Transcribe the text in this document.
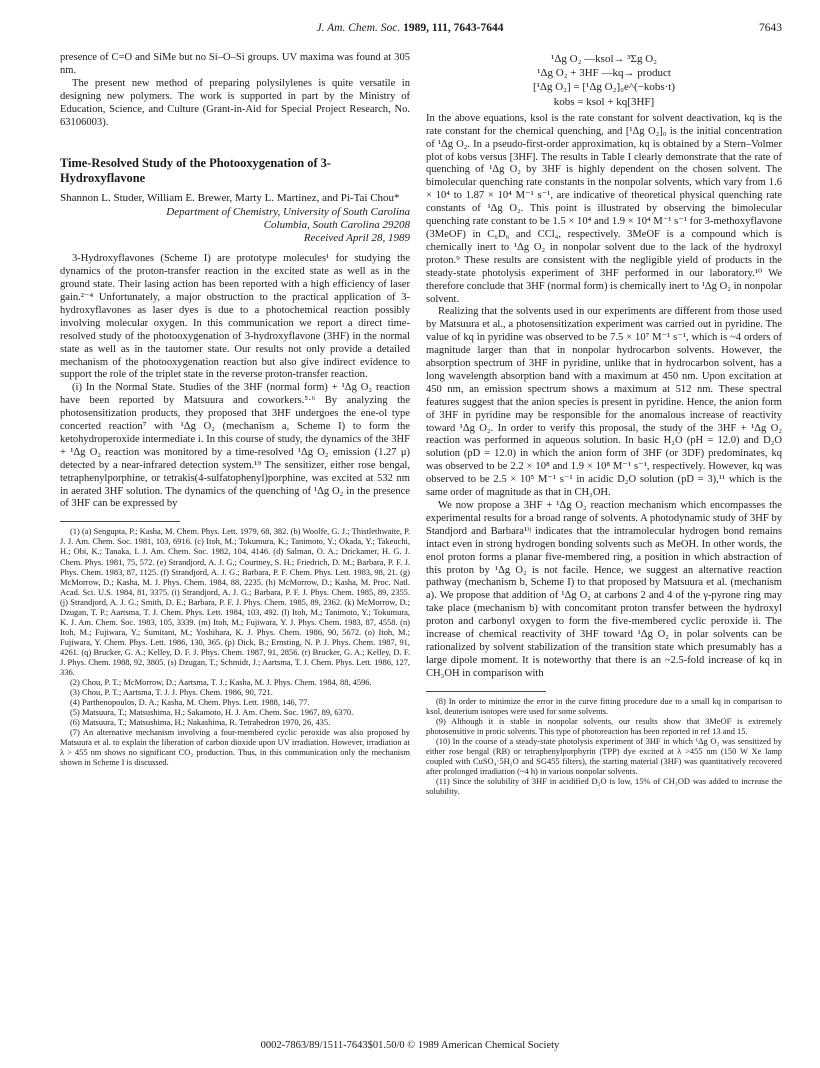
J. Am. Chem. Soc. 1989, 111, 7643-7644	7643

presence of C=O and SiMe but no Si–O–Si groups. UV maxima was found at 305 nm.

The present new method of preparing polysilylenes is quite versatile in designing new polymers. The work is supported in part by the Ministry of Education, Science, and Culture (Grant-in-Aid for Special Project Research, No. 63106003).

Time-Resolved Study of the Photooxygenation of 3-Hydroxyflavone

Shannon L. Studer, William E. Brewer, Marty L. Martinez, and Pi-Tai Chou*

Department of Chemistry, University of South Carolina
Columbia, South Carolina 29208
Received April 28, 1989

3-Hydroxyflavones (Scheme I) are prototype molecules¹ for studying the dynamics of the proton-transfer reaction in the excited state as well as in the ground state. Their lasing action has been reported with a high efficiency of laser gain.²⁻⁴ Unfortunately, a major obstruction to the practical application of 3-hydroxyflavones as laser dyes is due to a photochemical reaction possibly involving molecular oxygen. In this communication we report a direct time-resolved study of the photooxygenation of 3-hydroxyflavone (3HF) in the normal state as well as in the tautomer state. Our results not only provide a detailed mechanism of the photooxygenation reaction but also give indirect evidence to support the role of the triplet state in the reverse proton-transfer reaction.

(i) In the Normal State. Studies of the 3HF (normal form) + ¹Δg O₂ reaction have been reported by Matsuura and coworkers.⁵·⁶ By analyzing the photosensitization products, they proposed that 3HF undergoes the ene-ol type concerted reaction⁷ with ¹Δg O₂ (mechanism a, Scheme I) to form the ketohydroperoxide intermediate i. In this course of study, the dynamics of the 3HF + ¹Δg O₂ reaction was monitored by a time-resolved ¹Δg O₂ emission (1.27 μ) detected by a near-infrared detection system.¹⁹ The sensitizer, either rose bengal, tetraphenylporphine, or tetrakis(4-sulfatophenyl)porphine, was excited at 532 nm in aerated 3HF solution. The dynamics of the quenching of ¹Δg O₂ in the presence of 3HF can be expressed by

(1) (a) Sengupta, P.; Kasha, M. Chem. Phys. Lett. 1979, 68, 382. (b) Woolfe, G. J.; Thistlethwaite, P. J. J. Am. Chem. Soc. 1981, 103, 6916. (c) Itoh, M.; Tokumura, K.; Tanimoto, Y.; Okada, Y.; Takeuchi, H.; Obi, K.; Tanaka, I. J. Am. Chem. Soc. 1982, 104, 4146. (d) Salman, O. A.; Drickamer, H. G. J. Chem. Phys. 1981, 75, 572. (e) Strandjord, A. J. G.; Courtney, S. H.; Friedrich, D. M.; Barbara, P. F. J. Phys. Chem. 1983, 87, 1125. (f) Strandjord, A. J. G.; Barbara, P. F. Chem. Phys. Lett. 1983, 98, 21. (g) McMorrow, D.; Kasha, M. J. Phys. Chem. 1984, 88, 2235. (h) McMorrow, D.; Kasha, M. Proc. Natl. Acad. Sci. U.S. 1984, 81, 3375. (i) Strandjord, A. J. G.; Barbara, P. F. J. Phys. Chem. 1985, 89, 2355. (j) Strandjord, A. J. G.; Smith, D. E.; Barbara, P. F. J. Phys. Chem. 1985, 89, 2362. (k) McMorrow, D.; Dzugan, T. P.; Aartsma, T. J. Chem. Phys. Lett. 1984, 103, 492. (l) Itoh, M.; Tanimoto, Y.; Tokumura, K. J. Am. Chem. Soc. 1983, 105, 3339. (m) Itoh, M.; Fujiwara, Y. J. Phys. Chem. 1983, 87, 4558. (n) Itoh, M.; Fujiwara, Y.; Sumitani, M.; Yoshihara, K. J. Phys. Chem. 1986, 90, 5672. (o) Itoh, M.; Fujiwara, Y. Chem. Phys. Lett. 1986, 130, 365. (p) Dick, B.; Ernsting, N. P. J. Phys. Chem. 1987, 91, 4261. (q) Brucker, G. A.; Kelley, D. F. J. Phys. Chem. 1987, 91, 2856. (r) Brucker, G. A.; Kelley, D. F. J. Phys. Chem. 1988, 92, 3805. (s) Dzugan, T.; Schmidt, J.; Aartsma, T. J. Chem. Phys. Lett. 1986, 127, 336.

(2) Chou, P. T.; McMorrow, D.; Aartsma, T. J.; Kasha, M. J. Phys. Chem. 1984, 88, 4596.

(3) Chou, P. T.; Aartsma, T. J. J. Phys. Chem. 1986, 90, 721.

(4) Parthenopoulos, D. A.; Kasha, M. Chem. Phys. Lett. 1988, 146, 77.

(5) Matsuura, T.; Matsushima, H.; Sakamoto, H. J. Am. Chem. Soc. 1967, 89, 6370.

(6) Matsuura, T.; Matsushima, H.; Nakashima, R. Tetrahedron 1970, 26, 435.

(7) An alternative mechanism involving a four-membered cyclic peroxide was also proposed by Matsuura et al. to explain the liberation of carbon dioxide upon UV irradiation. However, irradiation at λ > 455 nm shows no significant CO₂ production. Thus, in this communication only the mechanism shown in Scheme I is discussed.

¹Δg O₂ —ksol→ ³Σg O₂

¹Δg O₂ + 3HF —kq→ product

[¹Δg O₂] = [¹Δg O₂]₀e^(−kobs·t)

kobs = ksol + kq[3HF]

In the above equations, ksol is the rate constant for solvent deactivation, kq is the rate constant for the chemical quenching, and [¹Δg O₂]₀ is the initial concentration of ¹Δg O₂. In a pseudo-first-order approximation, kq is obtained by a Stern–Volmer plot of kobs versus [3HF]. The results in Table I clearly demonstrate that the rate of quenching of ¹Δg O₂ by 3HF is highly dependent on the chosen solvent. The bimolecular quenching rate constants in the nonpolar solvents, which vary from 1.6 × 10⁴ to 1.87 × 10⁴ M⁻¹ s⁻¹, are indicative of theoretical physical quenching rate constants of ¹Δg O₂. This point is illustrated by observing the bimolecular quenching rate constant to be 1.5 × 10⁴ and 1.9 × 10⁴ M⁻¹ s⁻¹ for 3-methoxyflavone (3MeOF) in C₆D₆ and CCl₄, respectively. 3MeOF is a compound which is chemically inert to ¹Δg O₂ in nonpolar solvent due to the lack of the hydroxyl proton.⁹ These results are consistent with the negligible yield of products in the steady-state photolysis experiment of 3HF performed in our laboratory.¹⁰ We therefore conclude that 3HF (normal form) is chemically inert to ¹Δg O₂ in nonpolar solvent.

Realizing that the solvents used in our experiments are different from those used by Matsuura et al., a photosensitization experiment was carried out in pyridine. The value of kq in pyridine was observed to be 7.5 × 10⁷ M⁻¹ s⁻¹, which is ~4 orders of magnitude larger than that in nonpolar hydrocarbon solvents. However, the absorption spectrum of 3HF in pyridine, unlike that in hydrocarbon solvent, has a long wavelength absorption band with a maximum at 450 nm. Upon excitation at 450 nm, an emission spectrum shows a maximum at 512 nm. These spectral features suggest that the anion species is present in pyridine. Hence, the anion form of 3HF in pyridine may be responsible for the anomalous increase of reactivity toward ¹Δg O₂. In order to verify this proposal, the study of the 3HF + ¹Δg O₂ reaction was performed in aqueous solution. In basic H₂O (pH = 12.0) and D₂O solution (pD = 12.0) in which the anion form of 3HF (or 3DF) predominates, kq was observed to be 2.2 × 10⁸ and 1.9 × 10⁸ M⁻¹ s⁻¹, respectively. However, kq was observed to be 2.5 × 10⁵ M⁻¹ s⁻¹ in acidic D₂O solution (pD = 3),¹¹ which is the same order of magnitude as that in CH₃OH.

We now propose a 3HF + ¹Δg O₂ reaction mechanism which encompasses the experimental results for a broad range of solvents. A photodynamic study of 3HF by Standjord and Barbara¹ⁱʲ indicates that the intramolecular hydrogen bond remains intact even in strong hydrogen bonding solvents such as MeOH. In other words, the enol proton forms a planar five-membered ring, a position in which abstraction of this proton by ¹Δg O₂ is not facile. Hence, we suggest an alternative reaction pathway (mechanism b, Scheme I) to that proposed by Matsuura et al. (mechanism a). We propose that addition of ¹Δg O₂ at carbons 2 and 4 of the γ-pyrone ring may take place (mechanism b) with concomitant proton transfer between the hydroxyl proton and carbonyl oxygen to form the five-membered cyclic peroxide ii. The increase of chemical reactivity of 3HF toward ¹Δg O₂ in polar solvents can be rationalized by solvent stabilization of the transition state which presumably has a large dipole moment. It is noteworthy that there is an ~2.5-fold increase of kq in CH₃OH in comparison with

(8) In order to minimize the error in the curve fitting procedure due to a small kq in comparison to ksol, deuterium isotopes were used for some solvents.

(9) Although it is stable in nonpolar solvents, our results show that 3MeOF is extremely photosensitive in protic solvents. This type of photoreaction has been reported in ref 13 and 15.

(10) In the course of a steady-state photolysis experiment of 3HF in which ¹Δg O₂ was sensitized by either rose bengal (RB) or tetraphenylporphyrin (TPP) dye excited at λ >455 nm (150 W Xe lamp coupled with CuSO₄·5H₂O and SG455 filters), the starting material (3HF) was quantitatively recovered after prolonged irradiation (~4 h) in various nonpolar solvents.

(11) Since the solubility of 3HF in acidified D₂O is low, 15% of CH₃OD was added to increase the solubility.

0002-7863/89/1511-7643$01.50/0 © 1989 American Chemical Society
